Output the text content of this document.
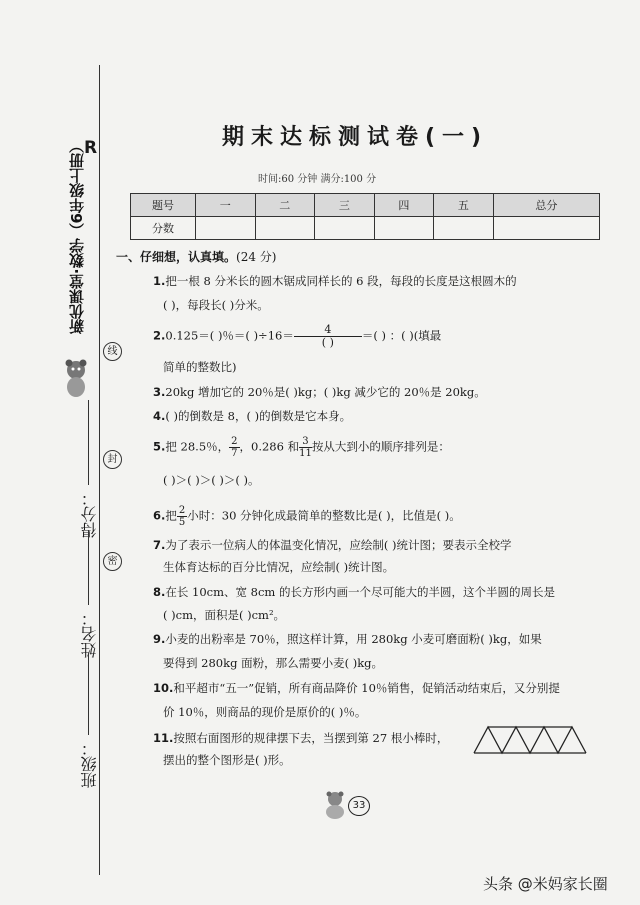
新优课堂·数学（6年级上册）
R
线
封
密
得分：
姓名：
班级：
期末达标测试卷(一)
时间:60 分钟 满分:100 分
题号	一	二	三	四	五	总分
分数						
一、仔细想，认真填。(24 分)
1.把一根 8 分米长的圆木锯成同样长的 6 段，每段的长度是这根圆木的
( )，每段长( )分米。
2.0.125＝( )％＝( )$\div 16= \frac{4}{( )}$ ＝( ) ：( )(填最
简单的整数比)
3.20kg 增加它的 20％是( )kg；( )kg 减少它的 20％是 20kg。
4.( )的倒数是 8，( )的倒数是它本身。
5.把 28.5％， $\frac{2}{7}$ ，0.286 和 $\frac{3}{11}$ 按从大到小的顺序排列是：
( )＞( )＞( )＞( )。
6.把 $\frac{2}{5}$ 小时：30 分钟化成最简单的整数比是( )，比值是( )。
7.为了表示一位病人的体温变化情况，应绘制( )统计图；要表示全校学
生体育达标的百分比情况，应绘制( )统计图。
8.在长 10cm、宽 8cm 的长方形内画一个尽可能大的半圆，这个半圆的周长是
( )cm，面积是( )cm²。
9.小麦的出粉率是 70％，照这样计算，用 280kg 小麦可磨面粉( )kg，如果
要得到 280kg 面粉，那么需要小麦( )kg。
10.和平超市“五一”促销，所有商品降价 10％销售，促销活动结束后，又分别提
价 10％，则商品的现价是原价的( )％。
11.按照右面图形的规律摆下去，当摆到第 27 根小棒时，
摆出的整个图形是( )形。
33
头条 @米妈家长圈
